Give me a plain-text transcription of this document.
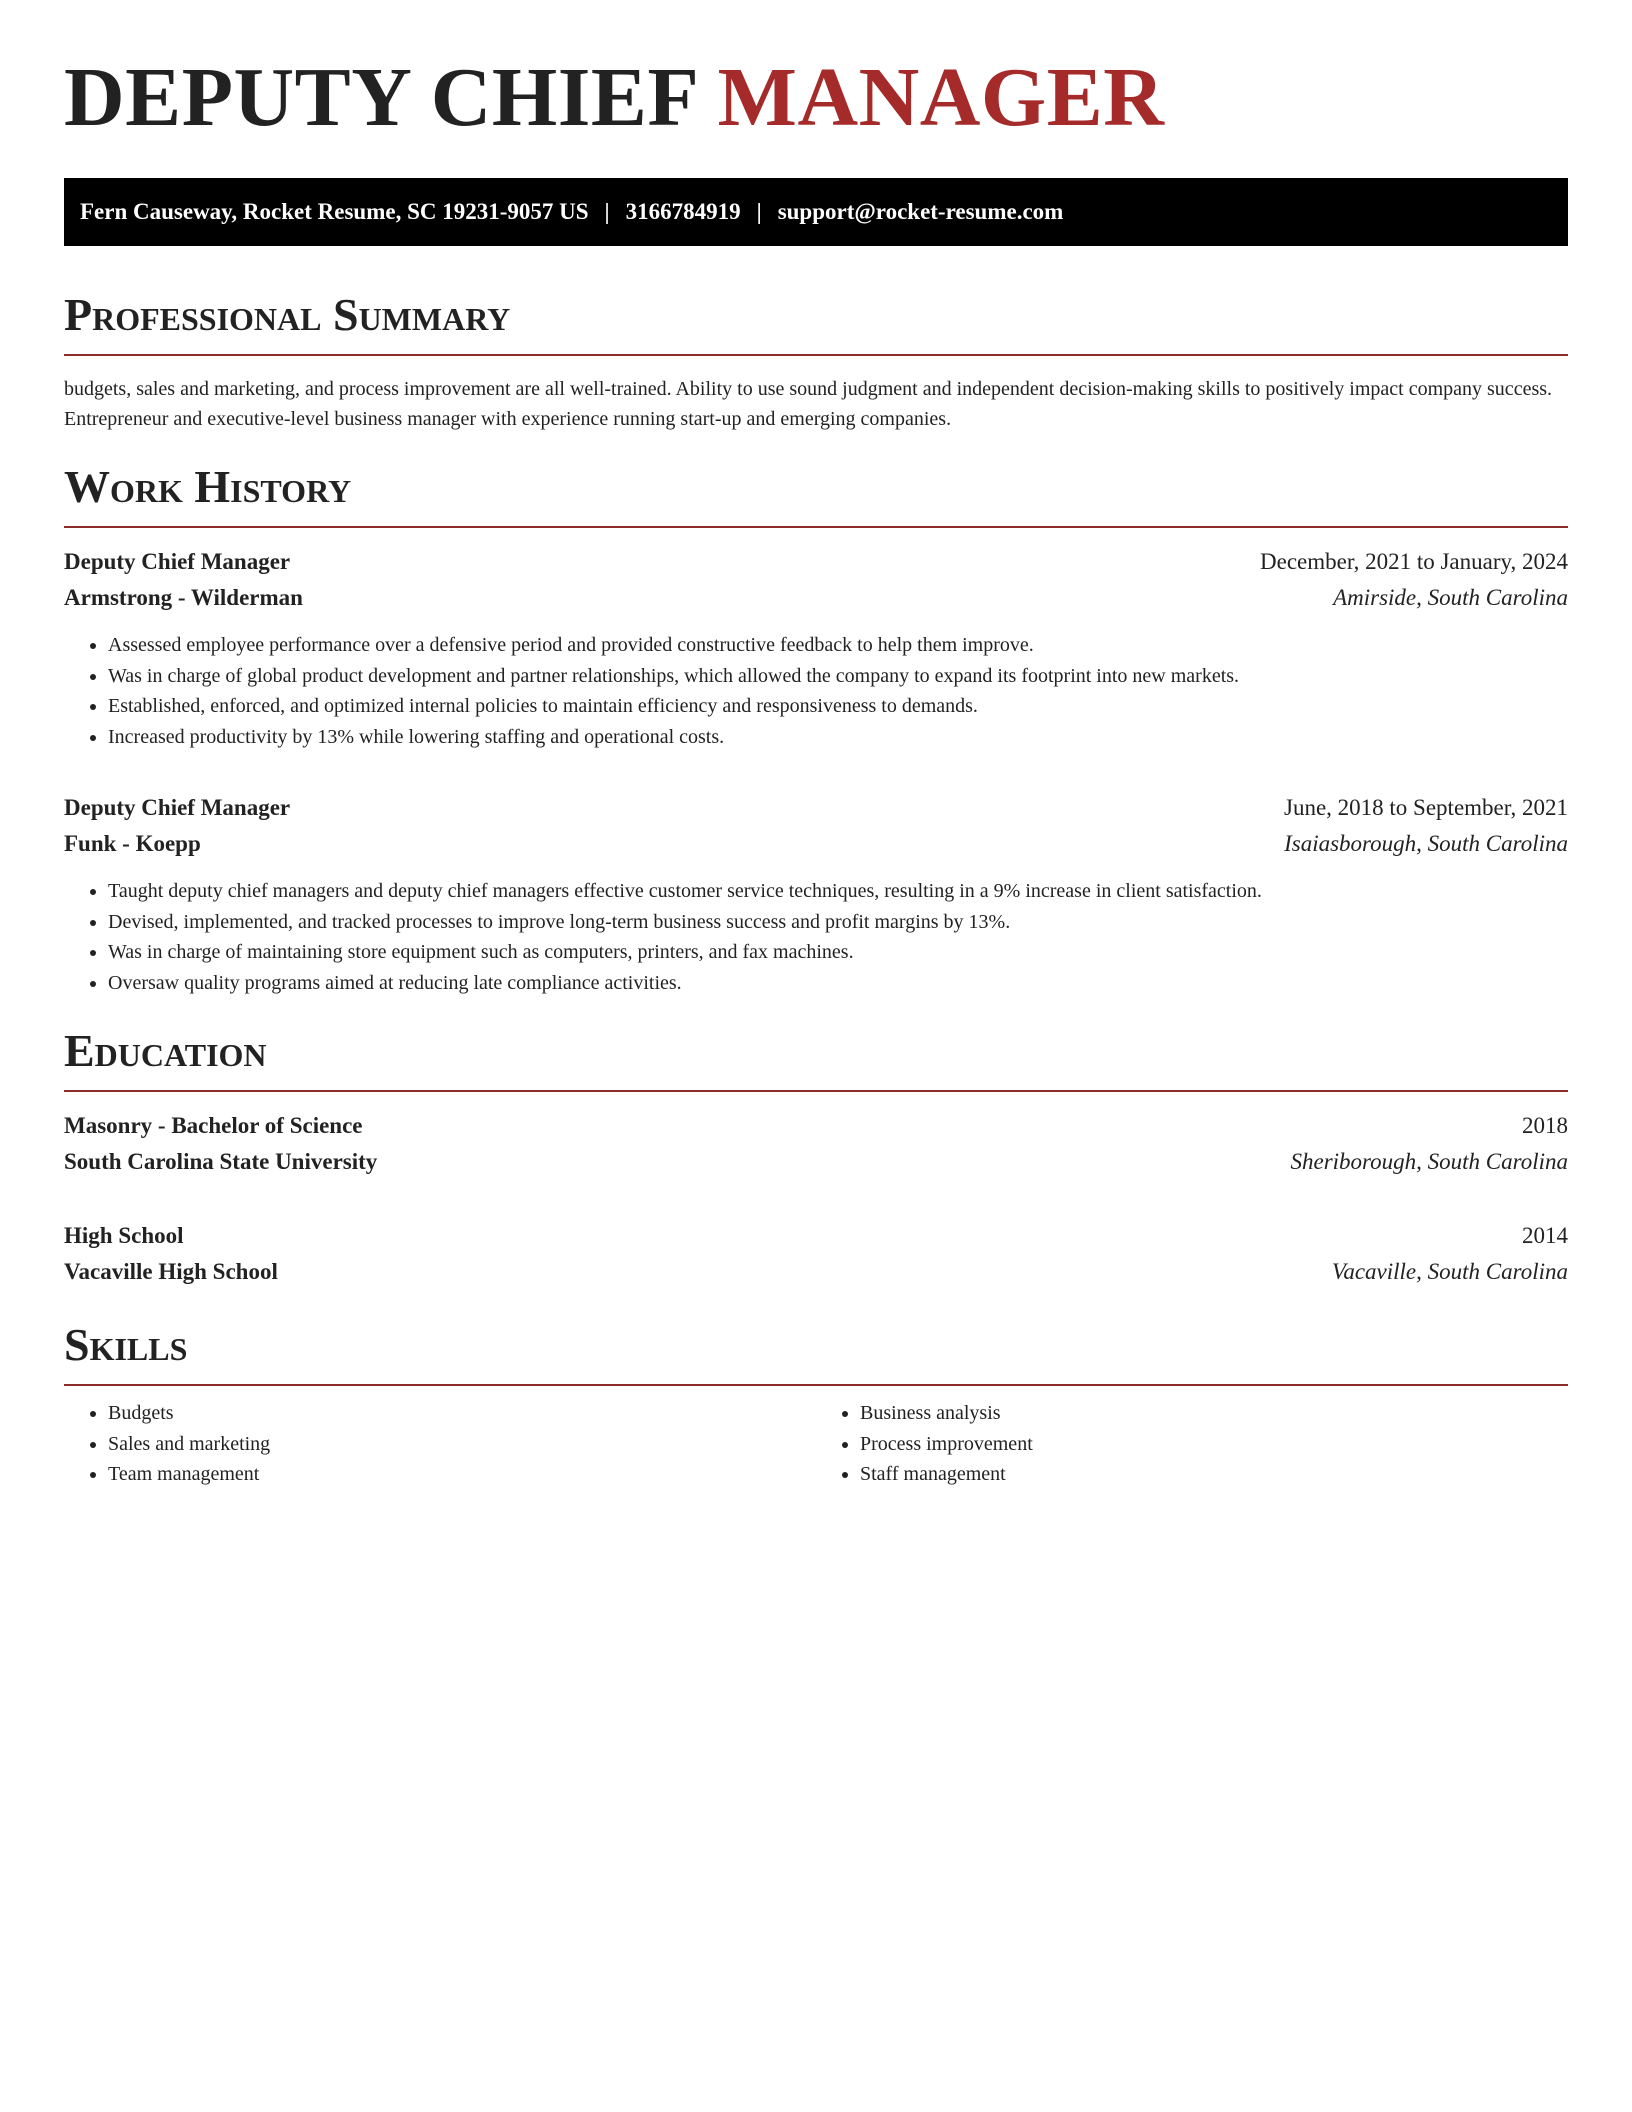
DEPUTY CHIEF MANAGER
Fern Causeway, Rocket Resume, SC 19231-9057 US | 3166784919 | support@rocket-resume.com
Professional Summary

budgets, sales and marketing, and process improvement are all well-trained. Ability to use sound judgment and independent decision-making skills to positively impact company success. Entrepreneur and executive-level business manager with experience running start-up and emerging companies.

Work History
Deputy Chief Manager	December, 2021 to January, 2024
Armstrong - Wilderman	Amirside, South Carolina
• Assessed employee performance over a defensive period and provided constructive feedback to help them improve.
• Was in charge of global product development and partner relationships, which allowed the company to expand its footprint into new markets.
• Established, enforced, and optimized internal policies to maintain efficiency and responsiveness to demands.
• Increased productivity by 13% while lowering staffing and operational costs.
Deputy Chief Manager	June, 2018 to September, 2021
Funk - Koepp	Isaiasborough, South Carolina
• Taught deputy chief managers and deputy chief managers effective customer service techniques, resulting in a 9% increase in client satisfaction.
• Devised, implemented, and tracked processes to improve long-term business success and profit margins by 13%.
• Was in charge of maintaining store equipment such as computers, printers, and fax machines.
• Oversaw quality programs aimed at reducing late compliance activities.
Education
Masonry - Bachelor of Science	2018
South Carolina State University	Sheriborough, South Carolina
High School	2014
Vacaville High School	Vacaville, South Carolina
Skills
• Budgets
• Sales and marketing
• Team management
• Business analysis
• Process improvement
• Staff management
